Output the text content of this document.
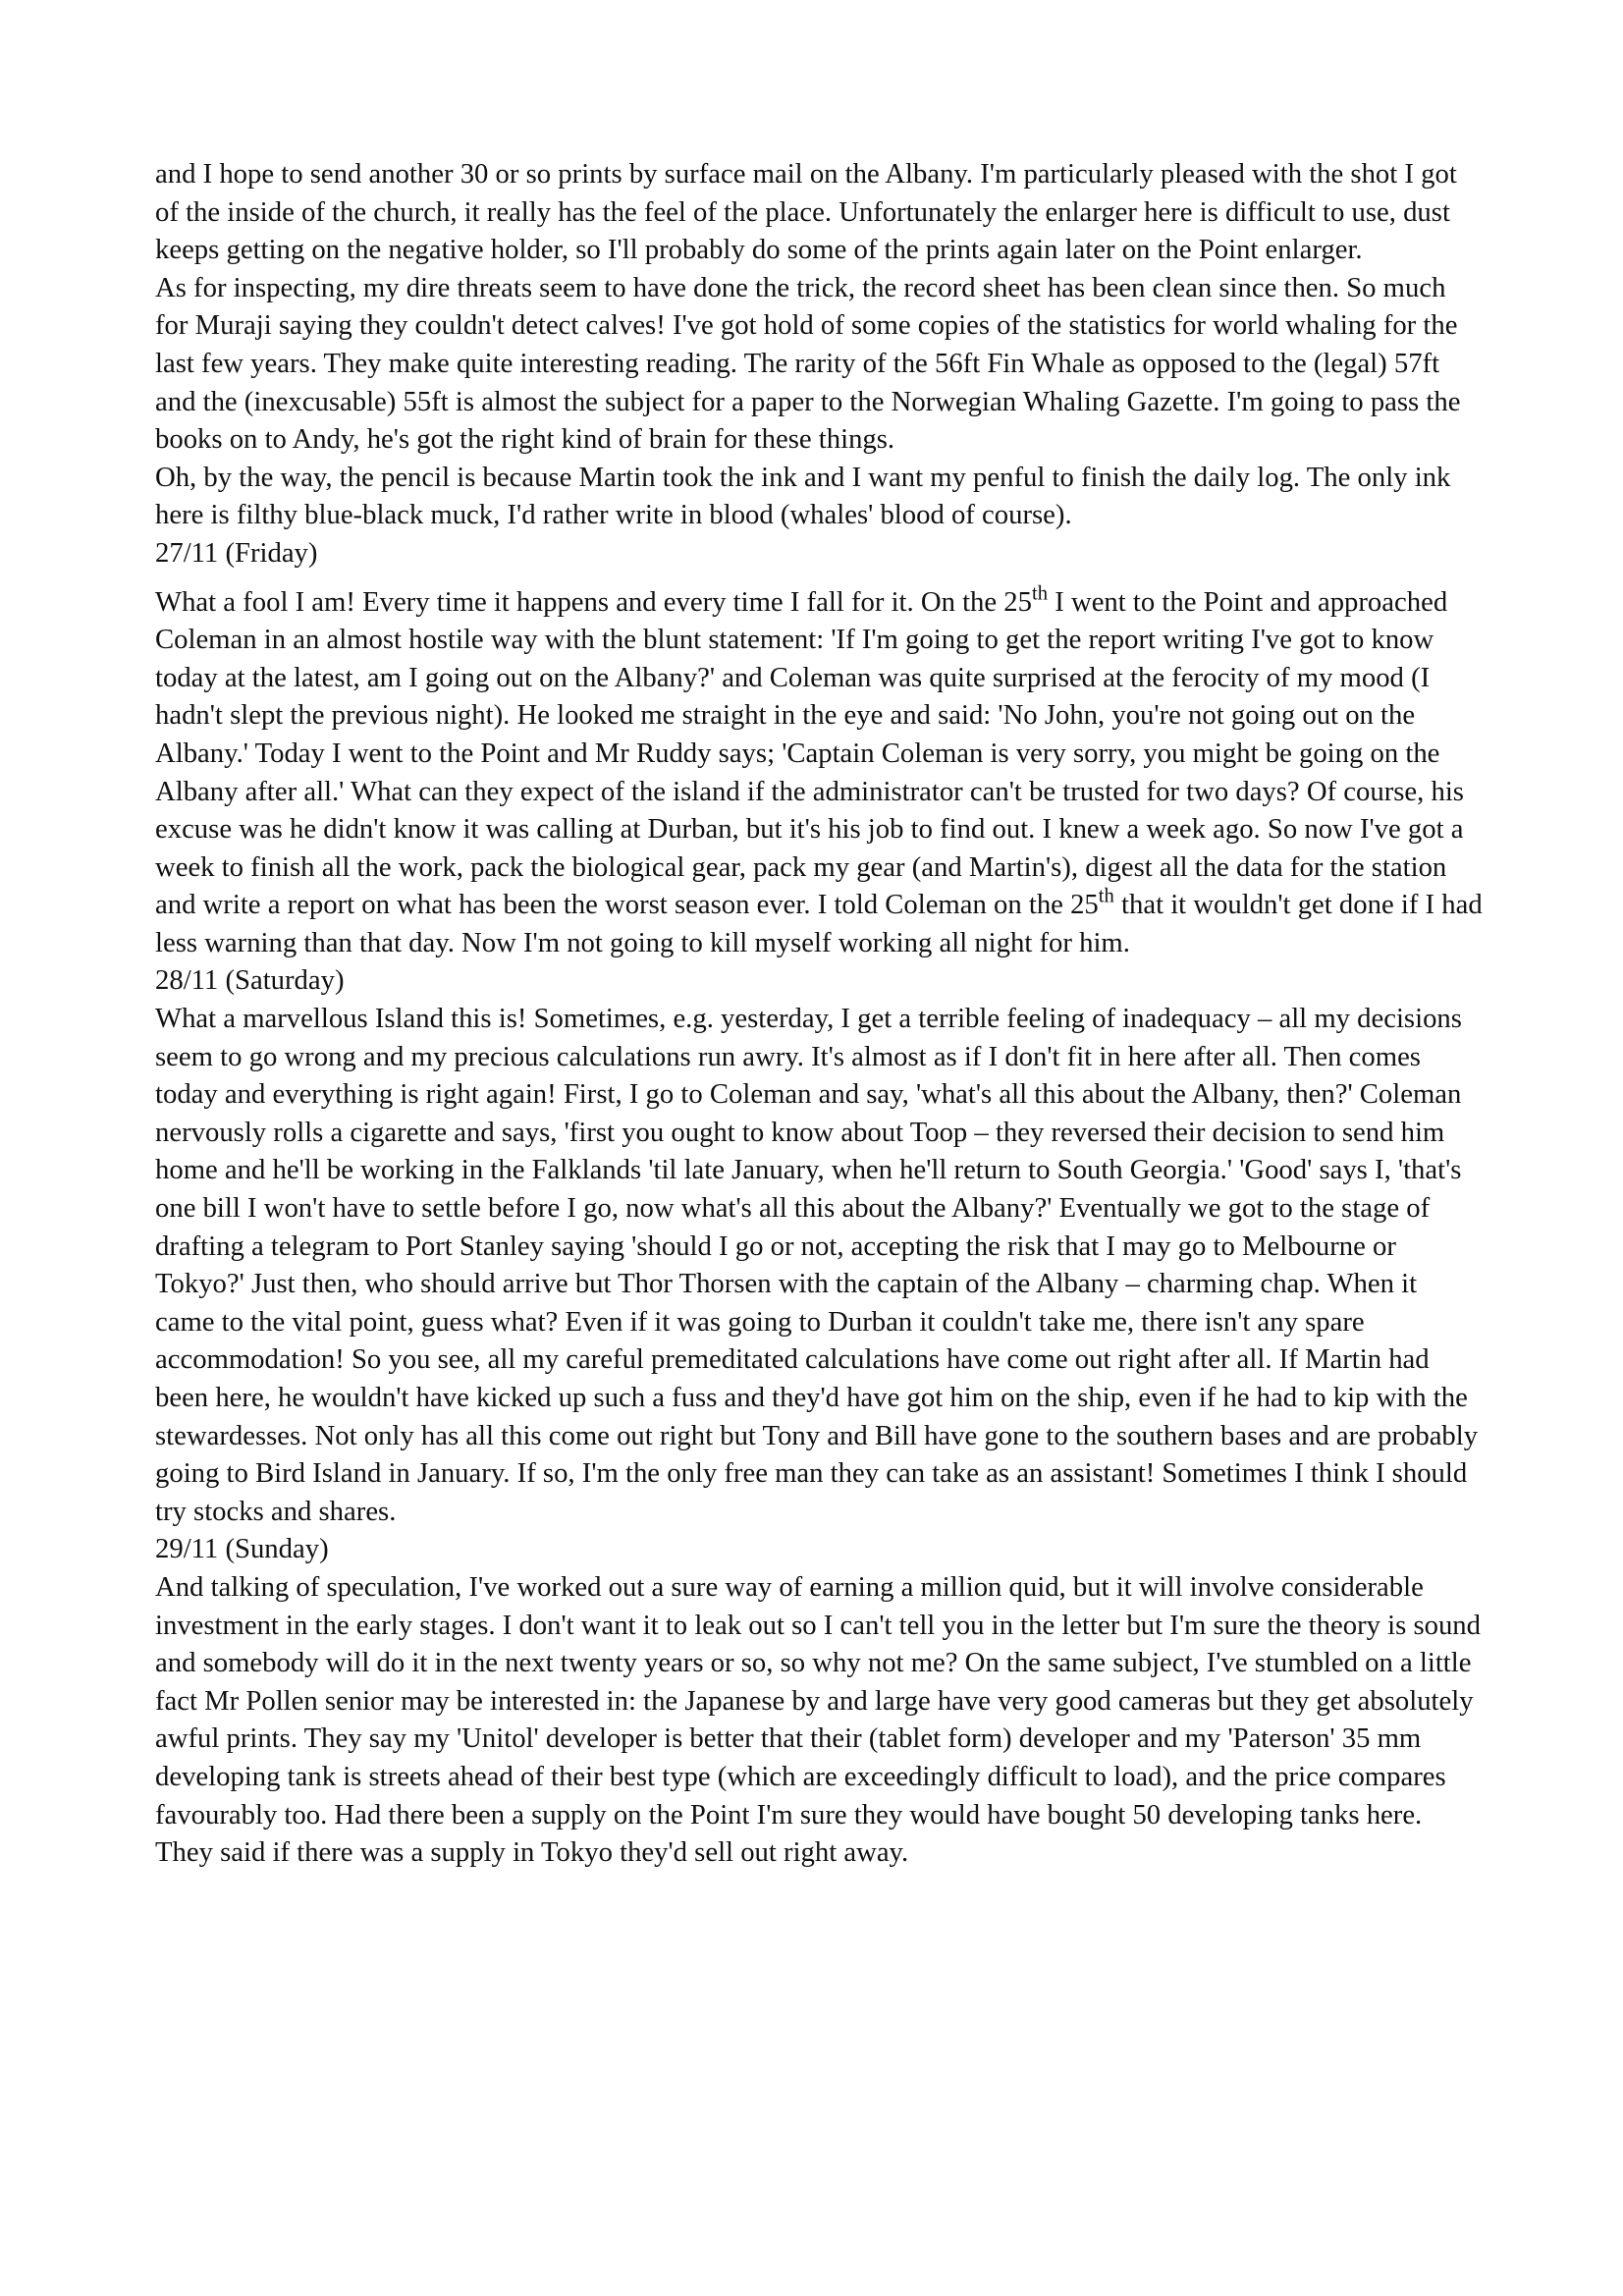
and I hope to send another 30 or so prints by surface mail on the Albany. I'm particularly pleased with the shot I got of the inside of the church, it really has the feel of the place. Unfortunately the enlarger here is difficult to use, dust keeps getting on the negative holder, so I'll probably do some of the prints again later on the Point enlarger.

As for inspecting, my dire threats seem to have done the trick, the record sheet has been clean since then. So much for Muraji saying they couldn't detect calves! I've got hold of some copies of the statistics for world whaling for the last few years. They make quite interesting reading. The rarity of the 56ft Fin Whale as opposed to the (legal) 57ft and the (inexcusable) 55ft is almost the subject for a paper to the Norwegian Whaling Gazette. I'm going to pass the books on to Andy, he's got the right kind of brain for these things.

Oh, by the way, the pencil is because Martin took the ink and I want my penful to finish the daily log. The only ink here is filthy blue-black muck, I'd rather write in blood (whales' blood of course).

27/11 (Friday)

What a fool I am! Every time it happens and every time I fall for it. On the 25th I went to the Point and approached Coleman in an almost hostile way with the blunt statement: 'If I'm going to get the report writing I've got to know today at the latest, am I going out on the Albany?' and Coleman was quite surprised at the ferocity of my mood (I hadn't slept the previous night). He looked me straight in the eye and said: 'No John, you're not going out on the Albany.' Today I went to the Point and Mr Ruddy says; 'Captain Coleman is very sorry, you might be going on the Albany after all.' What can they expect of the island if the administrator can't be trusted for two days? Of course, his excuse was he didn't know it was calling at Durban, but it's his job to find out. I knew a week ago. So now I've got a week to finish all the work, pack the biological gear, pack my gear (and Martin's), digest all the data for the station and write a report on what has been the worst season ever. I told Coleman on the 25th that it wouldn't get done if I had less warning than that day. Now I'm not going to kill myself working all night for him.

28/11 (Saturday)

What a marvellous Island this is! Sometimes, e.g. yesterday, I get a terrible feeling of inadequacy – all my decisions seem to go wrong and my precious calculations run awry. It's almost as if I don't fit in here after all. Then comes today and everything is right again! First, I go to Coleman and say, 'what's all this about the Albany, then?' Coleman nervously rolls a cigarette and says, 'first you ought to know about Toop – they reversed their decision to send him home and he'll be working in the Falklands 'til late January, when he'll return to South Georgia.' 'Good' says I, 'that's one bill I won't have to settle before I go, now what's all this about the Albany?' Eventually we got to the stage of drafting a telegram to Port Stanley saying 'should I go or not, accepting the risk that I may go to Melbourne or Tokyo?' Just then, who should arrive but Thor Thorsen with the captain of the Albany – charming chap. When it came to the vital point, guess what? Even if it was going to Durban it couldn't take me, there isn't any spare accommodation! So you see, all my careful premeditated calculations have come out right after all. If Martin had been here, he wouldn't have kicked up such a fuss and they'd have got him on the ship, even if he had to kip with the stewardesses. Not only has all this come out right but Tony and Bill have gone to the southern bases and are probably going to Bird Island in January. If so, I'm the only free man they can take as an assistant! Sometimes I think I should try stocks and shares.

29/11 (Sunday)

And talking of speculation, I've worked out a sure way of earning a million quid, but it will involve considerable investment in the early stages. I don't want it to leak out so I can't tell you in the letter but I'm sure the theory is sound and somebody will do it in the next twenty years or so, so why not me? On the same subject, I've stumbled on a little fact Mr Pollen senior may be interested in: the Japanese by and large have very good cameras but they get absolutely awful prints. They say my 'Unitol' developer is better that their (tablet form) developer and my 'Paterson' 35 mm developing tank is streets ahead of their best type (which are exceedingly difficult to load), and the price compares favourably too. Had there been a supply on the Point I'm sure they would have bought 50 developing tanks here. They said if there was a supply in Tokyo they'd sell out right away.
